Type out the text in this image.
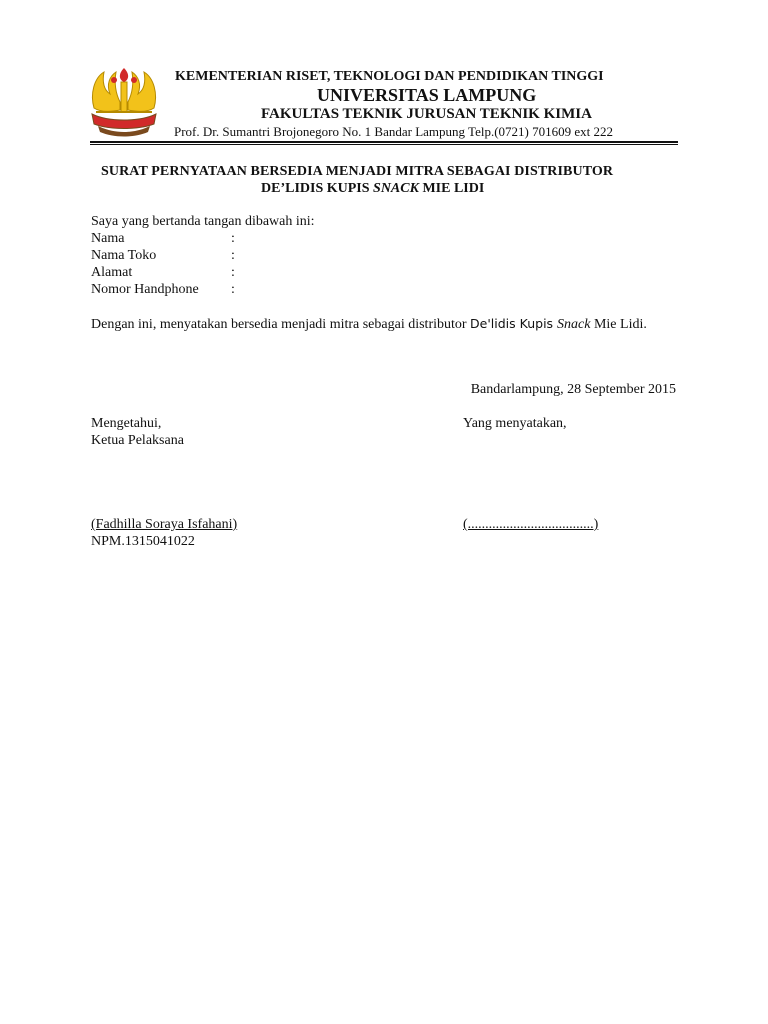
KEMENTERIAN RISET, TEKNOLOGI DAN PENDIDIKAN TINGGI
UNIVERSITAS LAMPUNG
FAKULTAS TEKNIK JURUSAN TEKNIK KIMIA
Prof. Dr. Sumantri Brojonegoro No. 1 Bandar Lampung Telp.(0721) 701609 ext 222
SURAT PERNYATAAN BERSEDIA MENJADI MITRA SEBAGAI DISTRIBUTOR
DE’LIDIS KUPIS SNACK MIE LIDI
Saya yang bertanda tangan dibawah ini:
Nama	:
Nama Toko	:
Alamat	:
Nomor Handphone :
Dengan ini, menyatakan bersedia menjadi mitra sebagai distributor De'lidis Kupis Snack Mie Lidi.
Bandarlampung, 28 September 2015
Mengetahui,
Ketua Pelaksana
(Fadhilla Soraya Isfahani)
NPM.1315041022
Yang menyatakan,
(....................................)
